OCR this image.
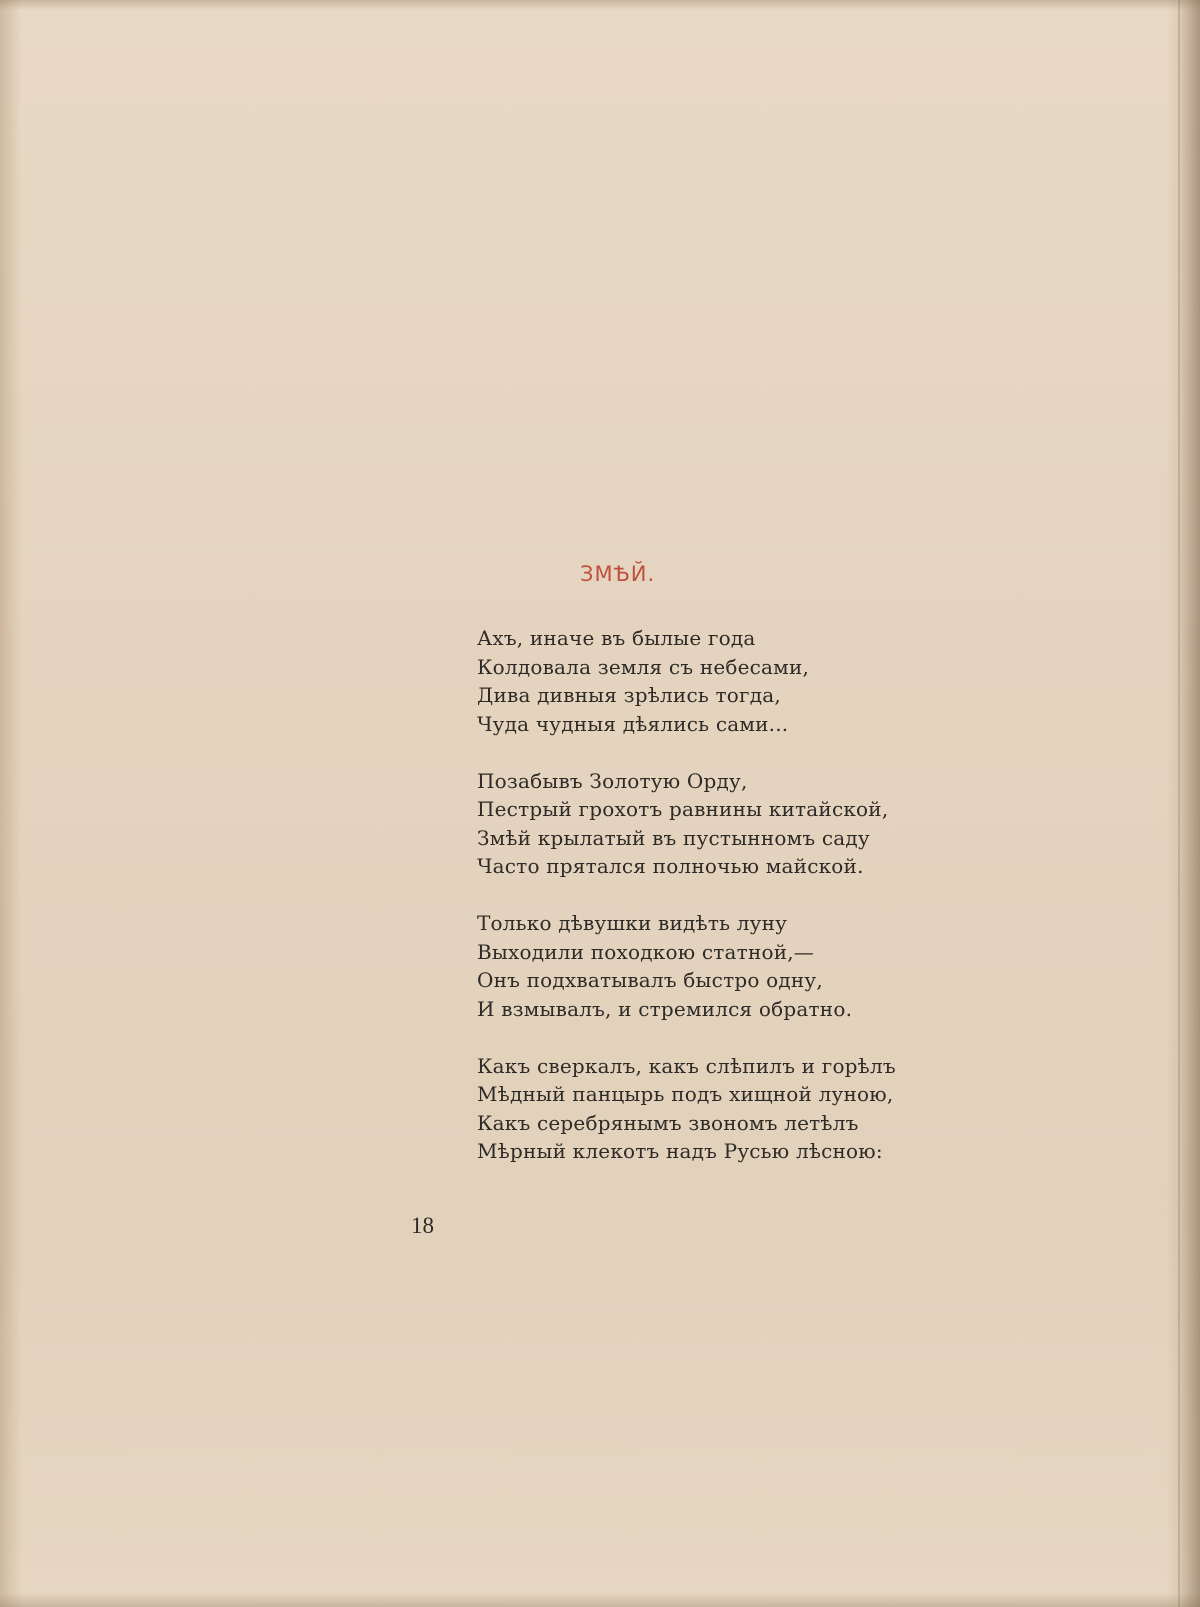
ЗМѢЙ.
Ахъ, иначе въ былые года
Колдовала земля съ небесами,
Дива дивныя зрѣлись тогда,
Чуда чудныя дѣялись сами...
Позабывъ Золотую Орду,
Пестрый грохотъ равнины китайской,
Змѣй крылатый въ пустынномъ саду
Часто прятался полночью майской.
Только дѣвушки видѣть луну
Выходили походкою статной,—
Онъ подхватывалъ быстро одну,
И взмывалъ, и стремился обратно.
Какъ сверкалъ, какъ слѣпилъ и горѣлъ
Мѣдный панцырь подъ хищной луною,
Какъ серебрянымъ звономъ летѣлъ
Мѣрный клекотъ надъ Русью лѣсною:
18
